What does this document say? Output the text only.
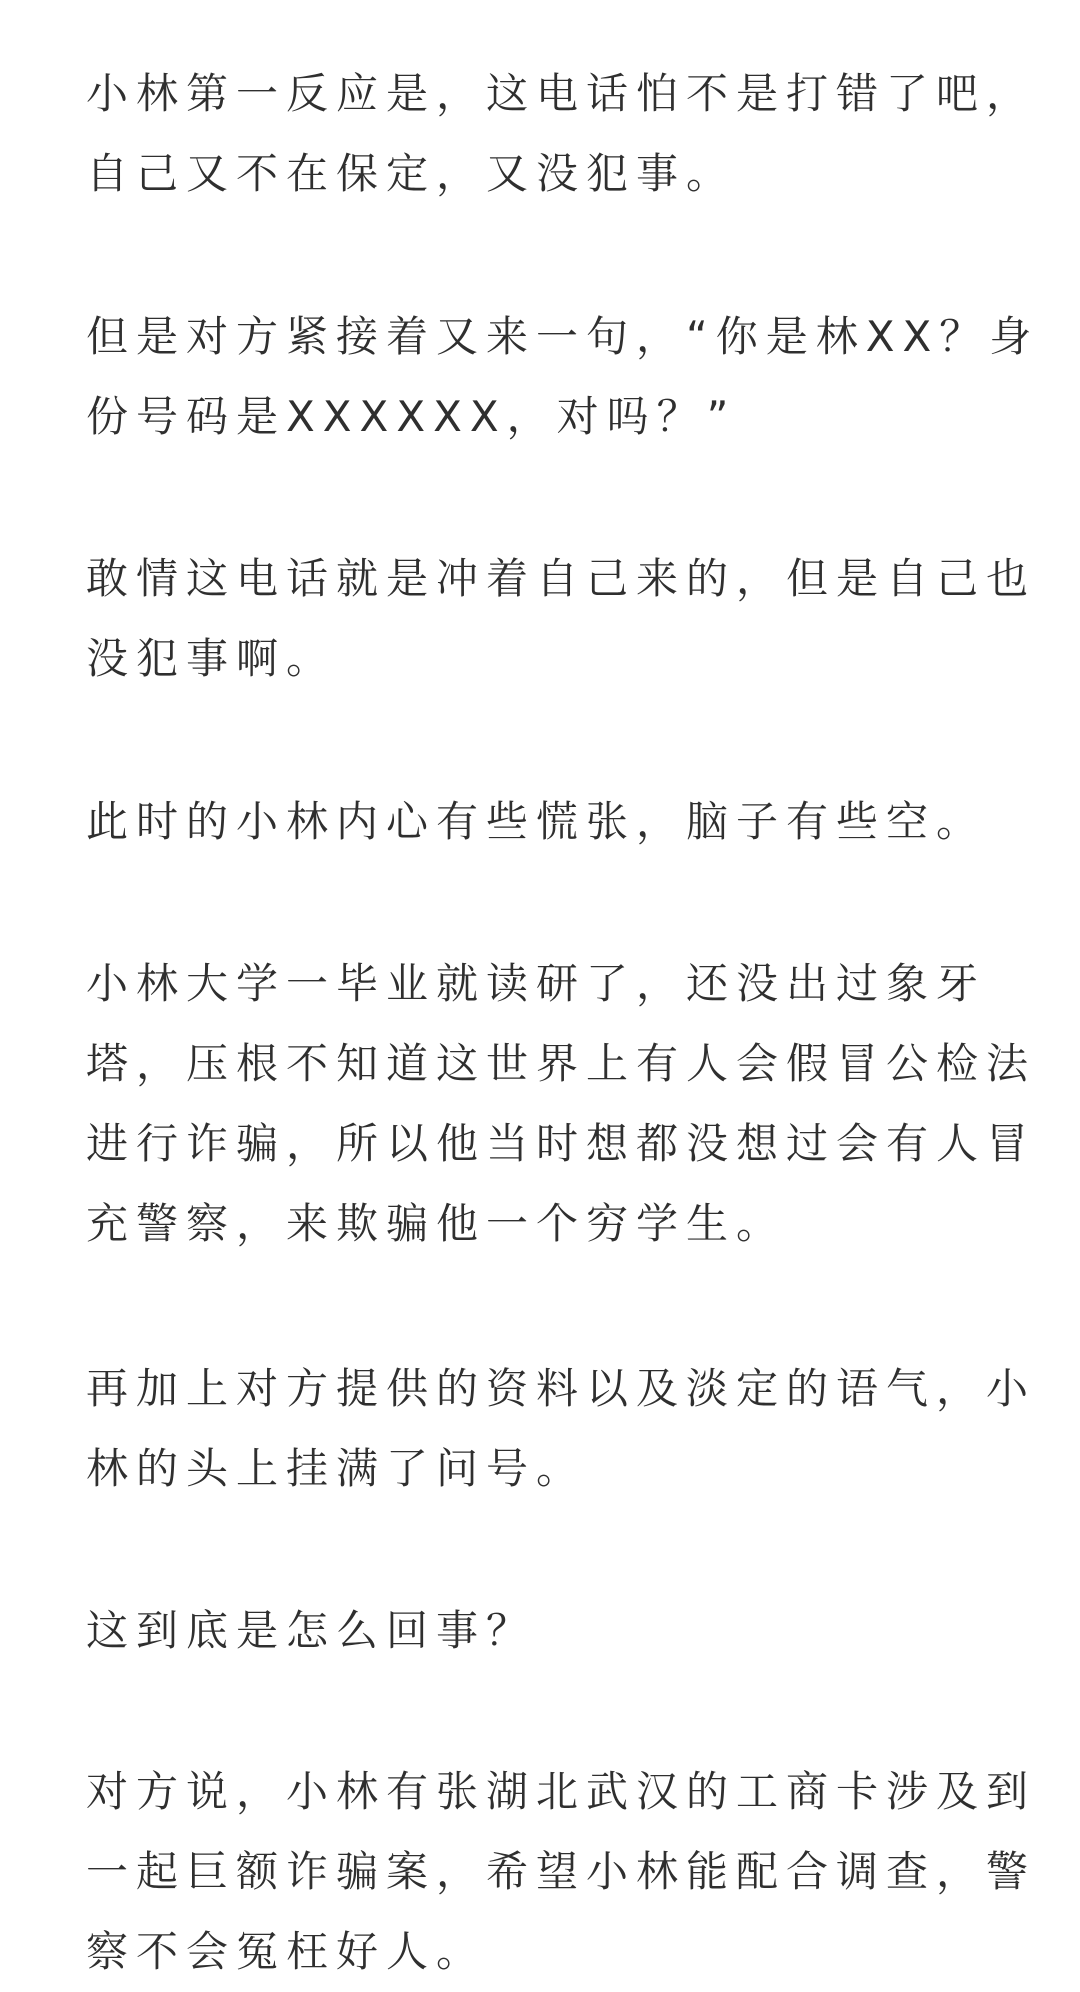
小林第一反应是，这电话怕不是打错了吧，
自己又不在保定，又没犯事。

但是对方紧接着又来一句，“你是林XX？身
份号码是XXXXXX，对吗？”

敢情这电话就是冲着自己来的，但是自己也
没犯事啊。

此时的小林内心有些慌张，脑子有些空。

小林大学一毕业就读研了，还没出过象牙
塔，压根不知道这世界上有人会假冒公检法
进行诈骗，所以他当时想都没想过会有人冒
充警察，来欺骗他一个穷学生。

再加上对方提供的资料以及淡定的语气，小
林的头上挂满了问号。

这到底是怎么回事？

对方说，小林有张湖北武汉的工商卡涉及到
一起巨额诈骗案，希望小林能配合调查，警
察不会冤枉好人。
